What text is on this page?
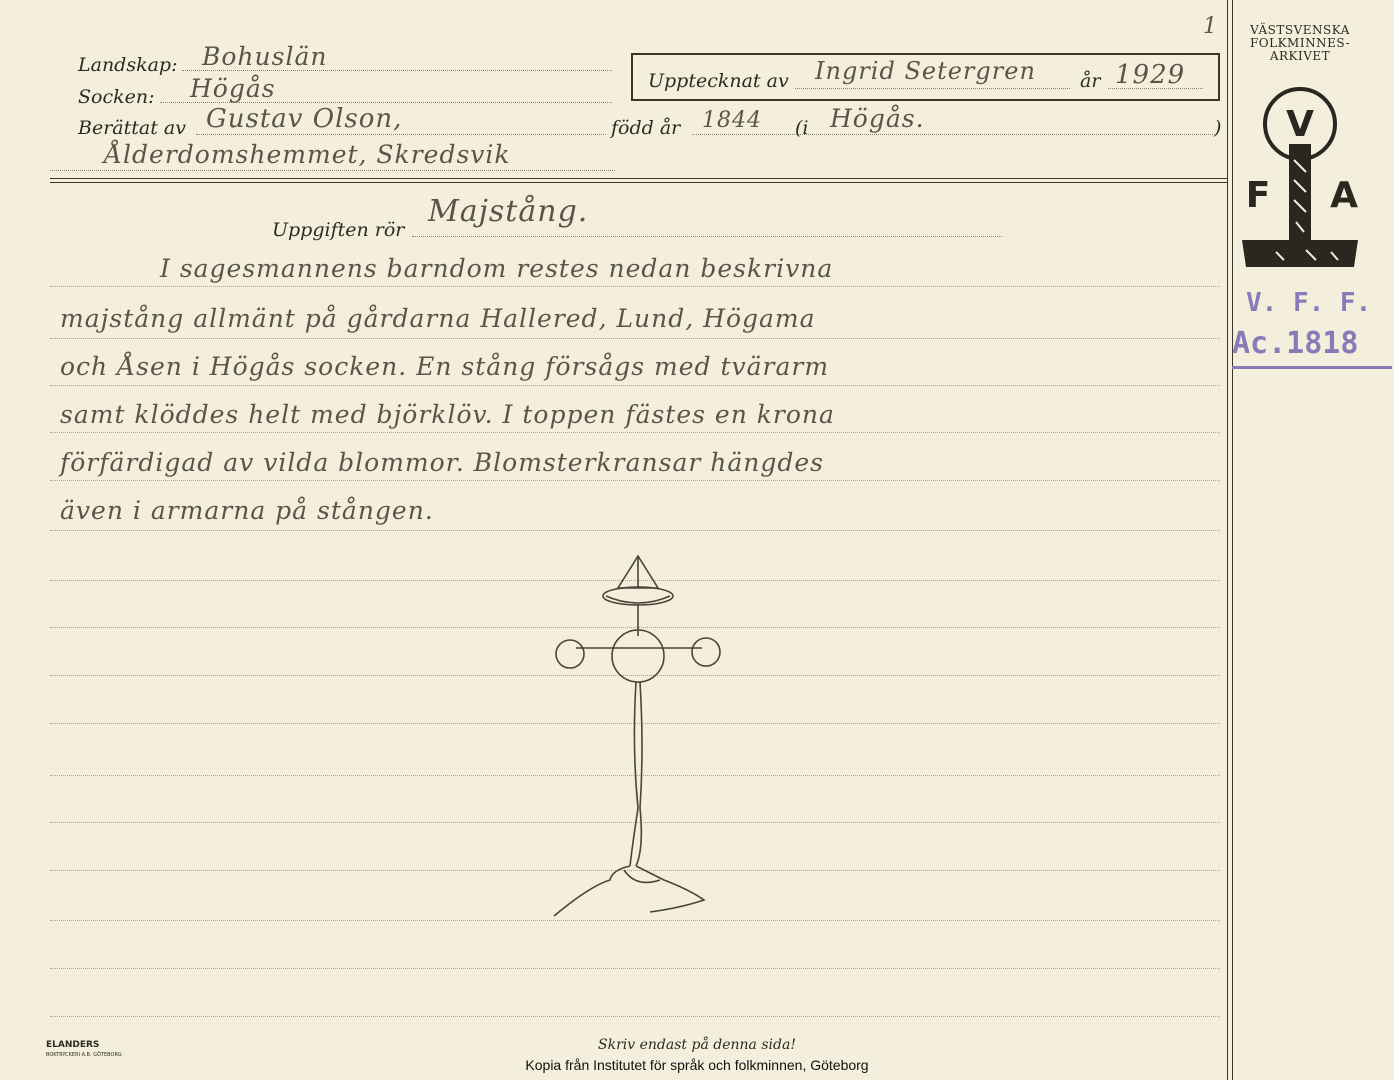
1	VÄSTSVENSKA
FOLKMINNES-
ARKIVET
V
F A
V. F. F.
Ac.1818
Landskap: Bohuslän
Socken: Högås	Upptecknat av Ingrid Setergren år 1929
Berättat av Gustav Olson,	född år 1844 (i Högås.	)
Ålderdomshemmet, Skredsvik
Uppgiften rör
Majstång.
I sagesmannens barndom restes nedan beskrivna
majstång allmänt på gårdarna Hallered, Lund, Högama
och Åsen i Högås socken. En stång försågs med tvärarm
samt klöddes helt med björklöv. I toppen fästes en krona
förfärdigad av vilda blommor. Blomsterkransar hängdes
även i armarna på stången.
ELANDERS
BOKTRYCKERI A.B. GÖTEBORG
Skriv endast på denna sida!
Kopia från Institutet för språk och folkminnen, Göteborg
